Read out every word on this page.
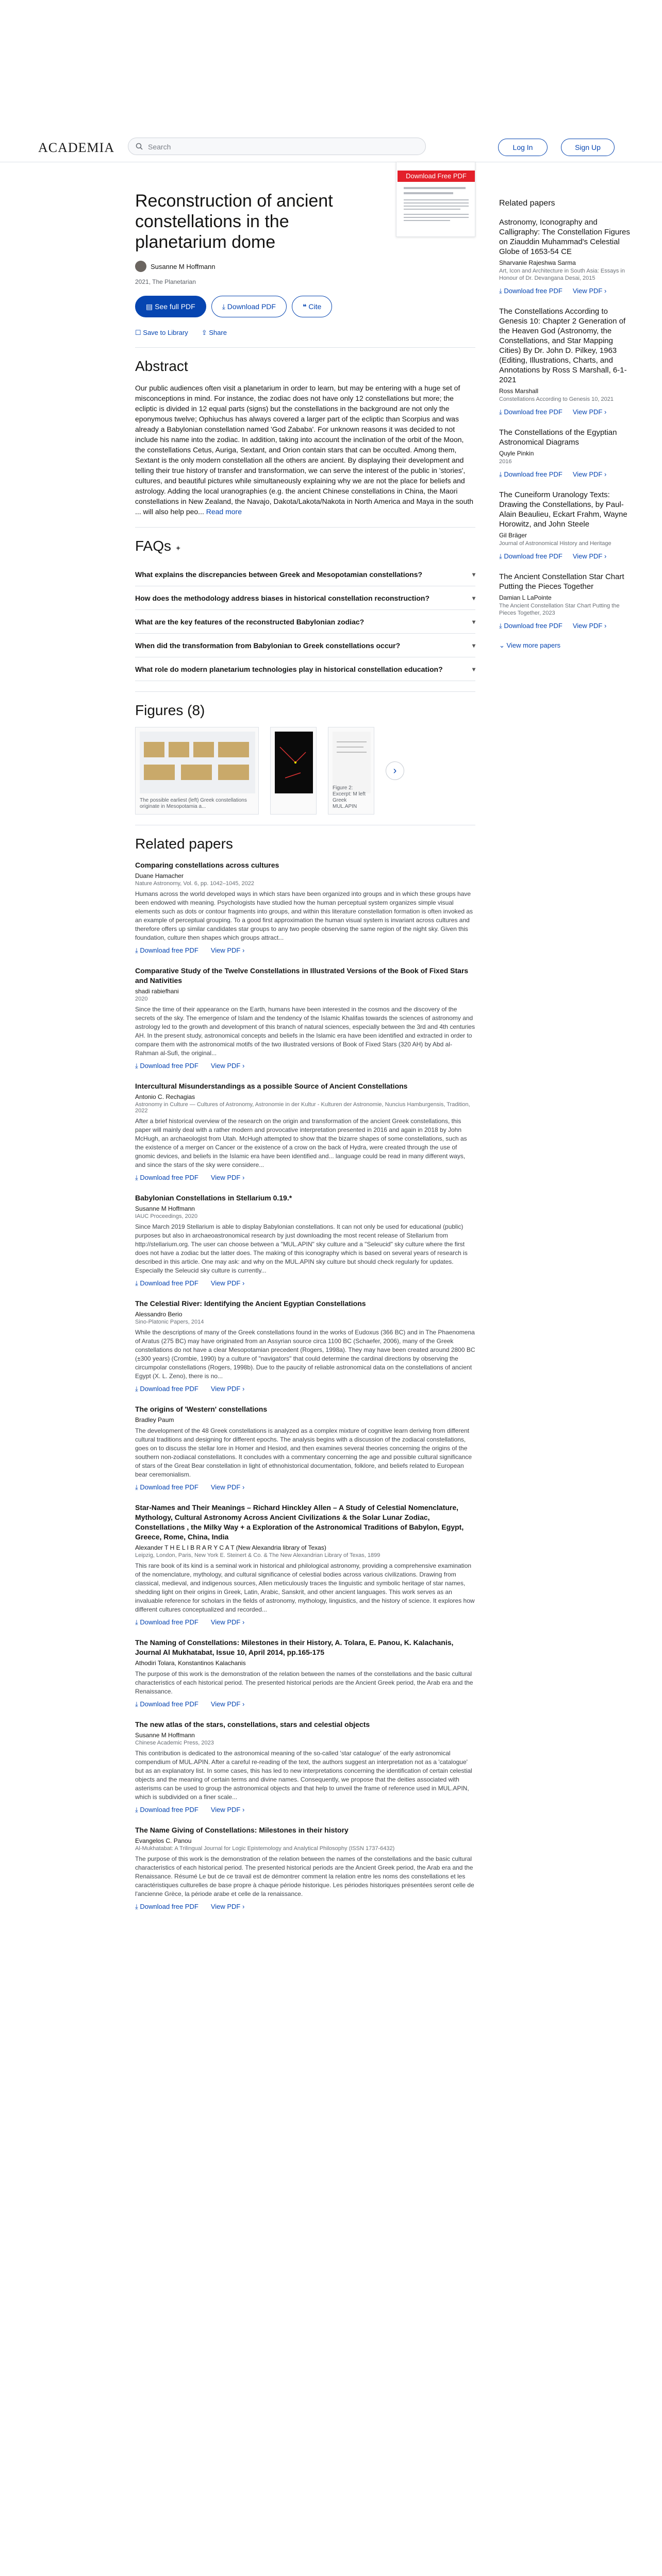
ACADEMIA	Search	Log In	Sign Up
Download Free PDF
Reconstruction of ancient constellations in the planetarium dome
Susanne M Hoffmann
2021, The Planetarian
▤ See full PDF	⤓ Download PDF	❝ Cite
☐ Save to Library ⇪ Share
Abstract

Our public audiences often visit a planetarium in order to learn, but may be entering with a huge set of misconceptions in mind. For instance, the zodiac does not have only 12 constellations but more; the ecliptic is divided in 12 equal parts (signs) but the constellations in the background are not only the eponymous twelve; Ophiuchus has always covered a larger part of the ecliptic than Scorpius and was already a Babylonian constellation named 'God Zababa'. For unknown reasons it was decided to not include his name into the zodiac. In addition, taking into account the inclination of the orbit of the Moon, the constellations Cetus, Auriga, Sextant, and Orion contain stars that can be occulted. Among them, Sextant is the only modern constellation all the others are ancient. By displaying their development and telling their true history of transfer and transformation, we can serve the interest of the public in 'stories', cultures, and beautiful pictures while simultaneously explaining why we are not the place for beliefs and astrology. Adding the local uranographies (e.g. the ancient Chinese constellations in China, the Maori constellations in New Zealand, the Navajo, Dakota/Lakota/Nakota in North America and Maya in the south ... will also help peo... Read more

FAQs ✦
What explains the discrepancies between Greek and Mesopotamian constellations?	▾
How does the methodology address biases in historical constellation reconstruction?	▾
What are the key features of the reconstructed Babylonian zodiac?	▾
When did the transformation from Babylonian to Greek constellations occur?	▾
What role do modern planetarium technologies play in historical constellation education?	▾
Figures (8)
The possible earliest (left) Greek constellations originate in Mesopotamia a...
Figure 2: Excerpt: M left Greek MUL.APIN
›
Related papers
Comparing constellations across cultures
Duane Hamacher
Nature Astronomy, Vol. 6, pp. 1042–1045, 2022
Humans across the world developed ways in which stars have been organized into groups and in which these groups have been endowed with meaning. Psychologists have studied how the human perceptual system organizes simple visual elements such as dots or contour fragments into groups, and within this literature constellation formation is often invoked as an example of perceptual grouping. To a good first approximation the human visual system is invariant across cultures and therefore offers up similar candidates star groups to any two people observing the same region of the night sky. Given this foundation, culture then shapes which groups attract...
⤓ Download free PDF View PDF ›
Comparative Study of the Twelve Constellations in Illustrated Versions of the Book of Fixed Stars and Nativities
shadi rabiefhani
2020
Since the time of their appearance on the Earth, humans have been interested in the cosmos and the discovery of the secrets of the sky. The emergence of Islam and the tendency of the Islamic Khalifas towards the sciences of astronomy and astrology led to the growth and development of this branch of natural sciences, especially between the 3rd and 4th centuries AH. In the present study, astronomical concepts and beliefs in the Islamic era have been identified and extracted in order to compare them with the astronomical motifs of the two illustrated versions of Book of Fixed Stars (320 AH) by Abd al-Rahman al-Sufi, the original...
⤓ Download free PDF View PDF ›
Intercultural Misunderstandings as a possible Source of Ancient Constellations
Antonio C. Rechagias
Astronomy in Culture — Cultures of Astronomy, Astronomie in der Kultur - Kulturen der Astronomie, Nuncius Hamburgensis, Tradition, 2022
After a brief historical overview of the research on the origin and transformation of the ancient Greek constellations, this paper will mainly deal with a rather modern and provocative interpretation presented in 2016 and again in 2018 by John McHugh, an archaeologist from Utah. McHugh attempted to show that the bizarre shapes of some constellations, such as the existence of a merger on Cancer or the existence of a crow on the back of Hydra, were created through the use of gnomic devices, and beliefs in the Islamic era have been identified and... language could be read in many different ways, and since the stars of the sky were considere...
⤓ Download free PDF View PDF ›
Babylonian Constellations in Stellarium 0.19.*
Susanne M Hoffmann
IAUC Proceedings, 2020
Since March 2019 Stellarium is able to display Babylonian constellations. It can not only be used for educational (public) purposes but also in archaeoastronomical research by just downloading the most recent release of Stellarium from http://stellarium.org. The user can choose between a "MUL.APIN" sky culture and a "Seleucid" sky culture where the first does not have a zodiac but the latter does. The making of this iconography which is based on several years of research is described in this article. One may ask: and why on the MUL.APIN sky culture but should check regularly for updates. Especially the Seleucid sky culture is currently...
⤓ Download free PDF View PDF ›
The Celestial River: Identifying the Ancient Egyptian Constellations
Alessandro Berio
Sino-Platonic Papers, 2014
While the descriptions of many of the Greek constellations found in the works of Eudoxus (366 BC) and in The Phaenomena of Aratus (275 BC) may have originated from an Assyrian source circa 1100 BC (Schaefer, 2006), many of the Greek constellations do not have a clear Mesopotamian precedent (Rogers, 1998a). They may have been created around 2800 BC (±300 years) (Crombie, 1990) by a culture of "navigators" that could determine the cardinal directions by observing the circumpolar constellations (Rogers, 1998b). Due to the paucity of reliable astronomical data on the constellations of ancient Egypt (X. L. Zeno), there is no...
⤓ Download free PDF View PDF ›
The origins of 'Western' constellations
Bradley Paum
The development of the 48 Greek constellations is analyzed as a complex mixture of cognitive learn deriving from different cultural traditions and designing for different epochs. The analysis begins with a discussion of the zodiacal constellations, goes on to discuss the stellar lore in Homer and Hesiod, and then examines several theories concerning the origins of the southern non-zodiacal constellations. It concludes with a commentary concerning the age and possible cultural significance of stars of the Great Bear constellation in light of ethnohistorical documentation, folklore, and beliefs related to European bear ceremonialism.
⤓ Download free PDF View PDF ›
Star-Names and Their Meanings – Richard Hinckley Allen – A Study of Celestial Nomenclature, Mythology, Cultural Astronomy Across Ancient Civilizations & the Solar Lunar Zodiac, Constellations , the Milky Way + a Exploration of the Astronomical Traditions of Babylon, Egypt, Greece, Rome, China, India
Alexander T H E L I B R A R Y C A T (New Alexandria library of Texas)
Leipzig, London, Paris, New York E. Steinert & Co. & The New Alexandrian Library of Texas, 1899
This rare book of its kind is a seminal work in historical and philological astronomy, providing a comprehensive examination of the nomenclature, mythology, and cultural significance of celestial bodies across various civilizations. Drawing from classical, medieval, and indigenous sources, Allen meticulously traces the linguistic and symbolic heritage of star names, shedding light on their origins in Greek, Latin, Arabic, Sanskrit, and other ancient languages. This work serves as an invaluable reference for scholars in the fields of astronomy, mythology, linguistics, and the history of science. It explores how different cultures conceptualized and recorded...
⤓ Download free PDF View PDF ›
The Naming of Constellations: Milestones in their History, A. Tolara, E. Panou, K. Kalachanis, Journal Al Mukhatabat, Issue 10, April 2014, pp.165-175
Athodiri Tolara, Konstantinos Kalachanis
The purpose of this work is the demonstration of the relation between the names of the constellations and the basic cultural characteristics of each historical period. The presented historical periods are the Ancient Greek period, the Arab era and the Renaissance.
⤓ Download free PDF View PDF ›
The new atlas of the stars, constellations, stars and celestial objects
Susanne M Hoffmann
Chinese Academic Press, 2023
This contribution is dedicated to the astronomical meaning of the so-called 'star catalogue' of the early astronomical compendium of MUL.APIN. After a careful re-reading of the text, the authors suggest an interpretation not as a 'catalogue' but as an explanatory list. In some cases, this has led to new interpretations concerning the identification of certain celestial objects and the meaning of certain terms and divine names. Consequently, we propose that the deities associated with asterisms can be used to group the astronomical objects and that help to unveil the frame of reference used in MUL.APIN, which is subdivided on a finer scale...
⤓ Download free PDF View PDF ›
The Name Giving of Constellations: Milestones in their history
Evangelos C. Panou
Al-Mukhatabat: A Trilingual Journal for Logic Epistemology and Analytical Philosophy (ISSN 1737-6432)
The purpose of this work is the demonstration of the relation between the names of the constellations and the basic cultural characteristics of each historical period. The presented historical periods are the Ancient Greek period, the Arab era and the Renaissance. Résumé Le but de ce travail est de démontrer comment la relation entre les noms des constellations et les caractéristiques culturelles de base propre à chaque période historique. Les périodes historiques présentées seront celle de l'ancienne Grèce, la période arabe et celle de la renaissance.
⤓ Download free PDF View PDF ›
Related papers
Astronomy, Iconography and Calligraphy: The Constellation Figures on Ziauddin Muhammad's Celestial Globe of 1653-54 CE
Sharvanie Rajeshwa Sarma
Art, Icon and Architecture in South Asia: Essays in Honour of Dr. Devangana Desai, 2015
⤓ Download free PDF View PDF ›
The Constellations According to Genesis 10: Chapter 2 Generation of the Heaven God (Astronomy, the Constellations, and Star Mapping Cities) By Dr. John D. Pilkey, 1963 (Editing, Illustrations, Charts, and Annotations by Ross S Marshall, 6-1-2021
Ross Marshall
Constellations According to Genesis 10, 2021
⤓ Download free PDF View PDF ›
The Constellations of the Egyptian Astronomical Diagrams
Quyle Pinkin
2016
⤓ Download free PDF View PDF ›
The Cuneiform Uranology Texts: Drawing the Constellations, by Paul-Alain Beaulieu, Eckart Frahm, Wayne Horowitz, and John Steele
Gil Bräger
Journal of Astronomical History and Heritage
⤓ Download free PDF View PDF ›
The Ancient Constellation Star Chart Putting the Pieces Together
Damian L LaPointe
The Ancient Constellation Star Chart Putting the Pieces Together, 2023
⤓ Download free PDF View PDF ›
⌄ View more papers
